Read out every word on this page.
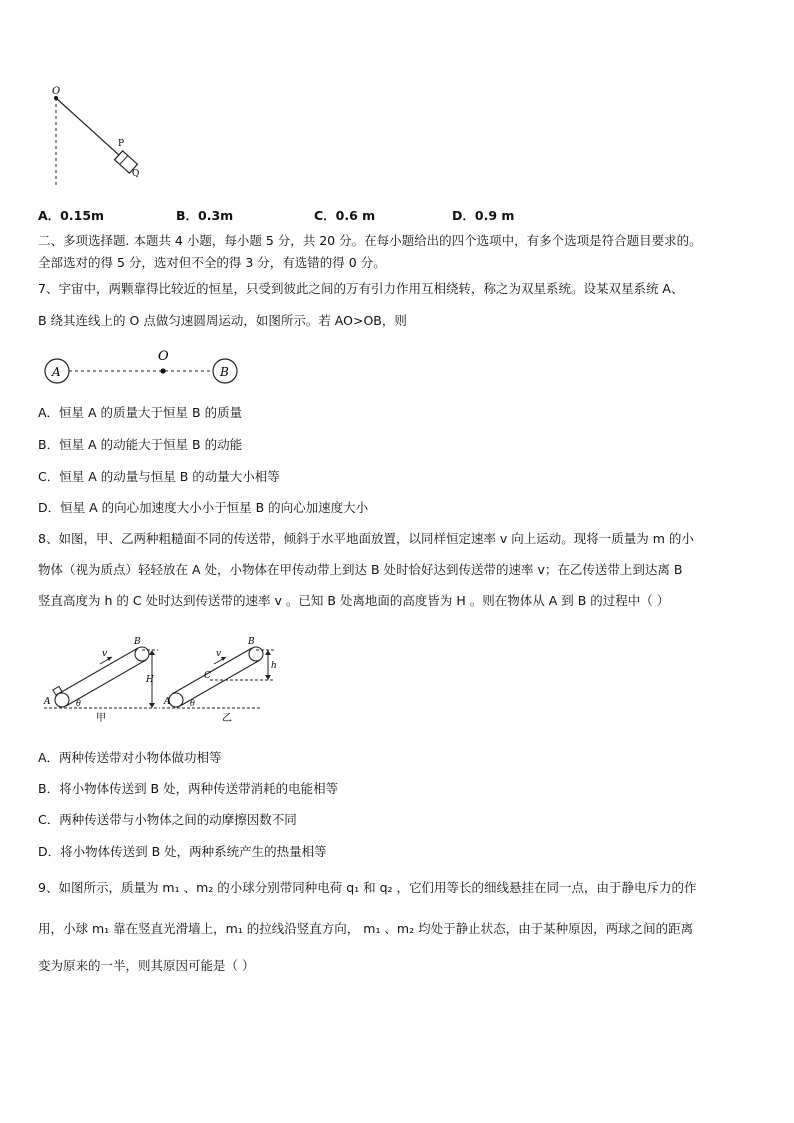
O
P
Q
A．0.15m	B．0.3m	C．0.6 m	D．0.9 m
二、多项选择题. 本题共 4 小题，每小题 5 分，共 20 分。在每小题给出的四个选项中，有多个选项是符合题目要求的。
全部选对的得 5 分，选对但不全的得 3 分，有选错的得 0 分。
7、宇宙中，两颗靠得比较近的恒星，只受到彼此之间的万有引力作用互相绕转，称之为双星系统。设某双星系统 A、
B 绕其连线上的 O 点做匀速圆周运动，如图所示。若 AO>OB，则
A	B
O
A．恒星 A 的质量大于恒星 B 的质量
B．恒星 A 的动能大于恒星 B 的动能
C．恒星 A 的动量与恒星 B 的动量大小相等
D．恒星 A 的向心加速度大小小于恒星 B 的向心加速度大小
8、如图，甲、乙两种粗糙面不同的传送带，倾斜于水平地面放置，以同样恒定速率 v 向上运动。现将一质量为 m 的小
物体（视为质点）轻轻放在 A 处，小物体在甲传动带上到达 B 处时恰好达到传送带的速率 v；在乙传送带上到达离 B
竖直高度为 h 的 C 处时达到传送带的速率 v 。已知 B 处离地面的高度皆为 H 。则在物体从 A 到 B 的过程中（ ）
A
B
v
H
θ
甲
A
B
C
v
h
θ
乙
A．两种传送带对小物体做功相等
B．将小物体传送到 B 处，两种传送带消耗的电能相等
C．两种传送带与小物体之间的动摩擦因数不同
D．将小物体传送到 B 处，两种系统产生的热量相等
9、如图所示，质量为 m₁ 、m₂ 的小球分别带同种电荷 q₁ 和 q₂ ，它们用等长的细线悬挂在同一点，由于静电斥力的作
用，小球 m₁ 靠在竖直光滑墙上，m₁ 的拉线沿竖直方向， m₁ 、m₂ 均处于静止状态，由于某种原因，两球之间的距离
变为原来的一半，则其原因可能是（ ）
